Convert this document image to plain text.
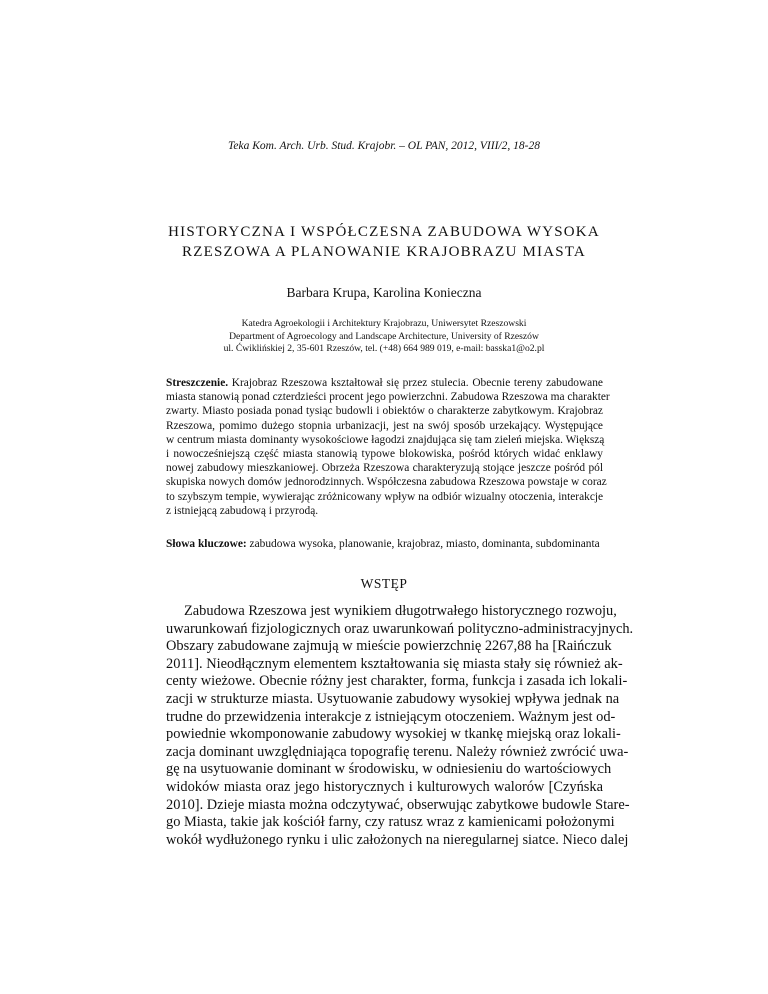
Teka Kom. Arch. Urb. Stud. Krajobr. – OL PAN, 2012, VIII/2, 18-28
HISTORYCZNA I WSPÓŁCZESNA ZABUDOWA WYSOKA
RZESZOWA A PLANOWANIE KRAJOBRAZU MIASTA
Barbara Krupa, Karolina Konieczna
Katedra Agroekologii i Architektury Krajobrazu, Uniwersytet Rzeszowski
Department of Agroecology and Landscape Architecture, University of Rzeszów
ul. Ćwiklińskiej 2, 35-601 Rzeszów, tel. (+48) 664 989 019, e-mail: basska1@o2.pl
Streszczenie. Krajobraz Rzeszowa kształtował się przez stulecia. Obecnie tereny zabudowane
miasta stanowią ponad czterdzieści procent jego powierzchni. Zabudowa Rzeszowa ma charakter
zwarty. Miasto posiada ponad tysiąc budowli i obiektów o charakterze zabytkowym. Krajobraz
Rzeszowa, pomimo dużego stopnia urbanizacji, jest na swój sposób urzekający. Występujące
w centrum miasta dominanty wysokościowe łagodzi znajdująca się tam zieleń miejska. Większą
i nowocześniejszą część miasta stanowią typowe blokowiska, pośród których widać enklawy
nowej zabudowy mieszkaniowej. Obrzeża Rzeszowa charakteryzują stojące jeszcze pośród pól
skupiska nowych domów jednorodzinnych. Współczesna zabudowa Rzeszowa powstaje w coraz
to szybszym tempie, wywierając zróżnicowany wpływ na odbiór wizualny otoczenia, interakcje
z istniejącą zabudową i przyrodą.
Słowa kluczowe: zabudowa wysoka, planowanie, krajobraz, miasto, dominanta, subdominanta
WSTĘP
Zabudowa Rzeszowa jest wynikiem długotrwałego historycznego rozwoju,
uwarunkowań fizjologicznych oraz uwarunkowań polityczno-administracyjnych.
Obszary zabudowane zajmują w mieście powierzchnię 2267,88 ha [Raińczuk
2011]. Nieodłącznym elementem kształtowania się miasta stały się również ak-
centy wieżowe. Obecnie różny jest charakter, forma, funkcja i zasada ich lokali-
zacji w strukturze miasta. Usytuowanie zabudowy wysokiej wpływa jednak na
trudne do przewidzenia interakcje z istniejącym otoczeniem. Ważnym jest od-
powiednie wkomponowanie zabudowy wysokiej w tkankę miejską oraz lokali-
zacja dominant uwzględniająca topografię terenu. Należy również zwrócić uwa-
gę na usytuowanie dominant w środowisku, w odniesieniu do wartościowych
widoków miasta oraz jego historycznych i kulturowych walorów [Czyńska
2010]. Dzieje miasta można odczytywać, obserwując zabytkowe budowle Stare-
go Miasta, takie jak kościół farny, czy ratusz wraz z kamienicami położonymi
wokół wydłużonego rynku i ulic założonych na nieregularnej siatce. Nieco dalej
